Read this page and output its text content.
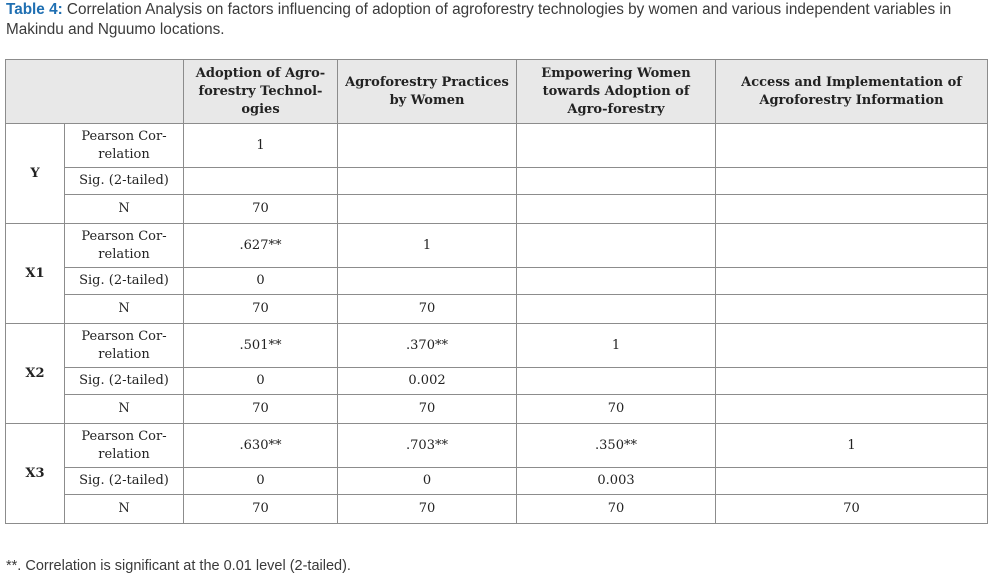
Table 4: Correlation Analysis on factors influencing of adoption of agroforestry technologies by women and various independent variables in Makindu and Nguumo locations.
		Adoption of Agro-forestry Technol-ogies	Agroforestry Practices by Women	Empowering Women towards Adoption of Agro-forestry	Access and Implementation of Agroforestry Information
Y	Pearson Cor-relation	1			
	Sig. (2-tailed)				
	N	70			
X1	Pearson Cor-relation	.627**	1		
	Sig. (2-tailed)	0			
	N	70	70		
X2	Pearson Cor-relation	.501**	.370**	1	
	Sig. (2-tailed)	0	0.002		
	N	70	70	70	
X3	Pearson Cor-relation	.630**	.703**	.350**	1
	Sig. (2-tailed)	0	0	0.003	
	N	70	70	70	70
**. Correlation is significant at the 0.01 level (2-tailed).
